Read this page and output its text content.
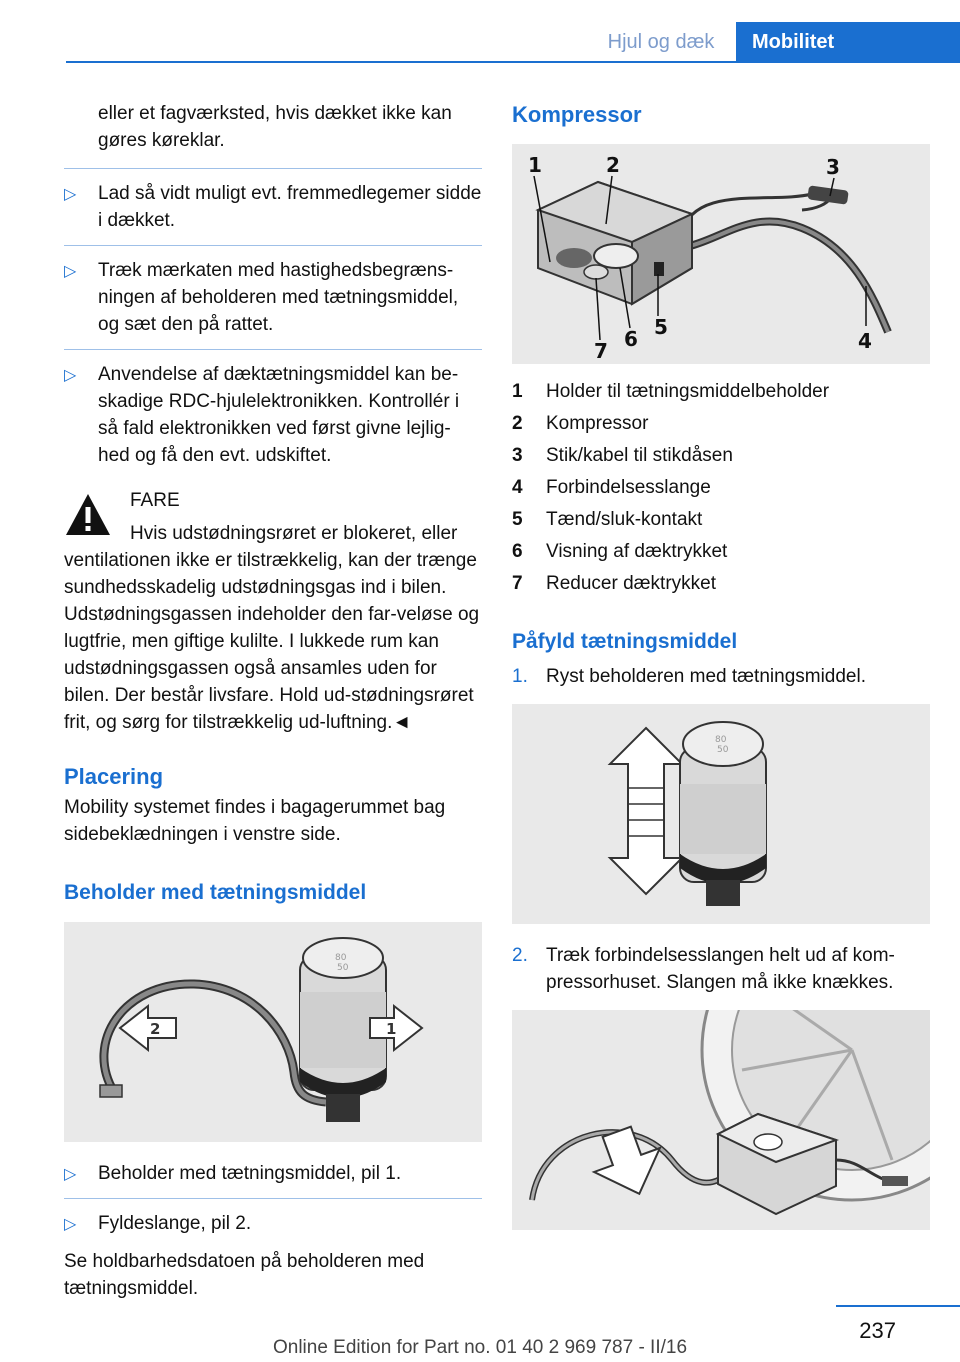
Hjul og dæk Mobilitet
eller et fagværksted, hvis dækket ikke kan gøres køreklar.
▷ Lad så vidt muligt evt. fremmedlegemer sidde i dækket.
▷ Træk mærkaten med hastighedsbegræns-ningen af beholderen med tætningsmiddel, og sæt den på rattet.
▷ Anvendelse af dæktætningsmiddel kan be-skadige RDC-hjulelektronikken. Kontrollér i så fald elektronikken ved først givne lejlig-hed og få den evt. udskiftet.
FARE
Hvis udstødningsrøret er blokeret, eller
ventilationen ikke er tilstrækkelig, kan der trænge sundhedsskadelig udstødningsgas ind i bilen. Udstødningsgassen indeholder den far-veløse og lugtfrie, men giftige kulilte. I lukkede rum kan udstødningsgassen også ansamles uden for bilen. Der består livsfare. Hold ud-stødningsrøret frit, og sørg for tilstrækkelig ud-luftning.◄
Placering
Mobility systemet findes i bagagerummet bag sidebeklædningen i venstre side.
Beholder med tætningsmiddel
80
50
2	1
▷ Beholder med tætningsmiddel, pil 1.
▷ Fyldeslange, pil 2.
Se holdbarhedsdatoen på beholderen med tætningsmiddel.
Kompressor
1	2	3
4
5
6
7
1	Holder til tætningsmiddelbeholder
2	Kompressor
3	Stik/kabel til stikdåsen
4	Forbindelsesslange
5	Tænd/sluk-kontakt
6	Visning af dæktrykket
7	Reducer dæktrykket
Påfyld tætningsmiddel
1. Ryst beholderen med tætningsmiddel.
80
50
2. Træk forbindelsesslangen helt ud af kom-pressorhuset. Slangen må ikke knækkes.
237
Online Edition for Part no. 01 40 2 969 787 - II/16
